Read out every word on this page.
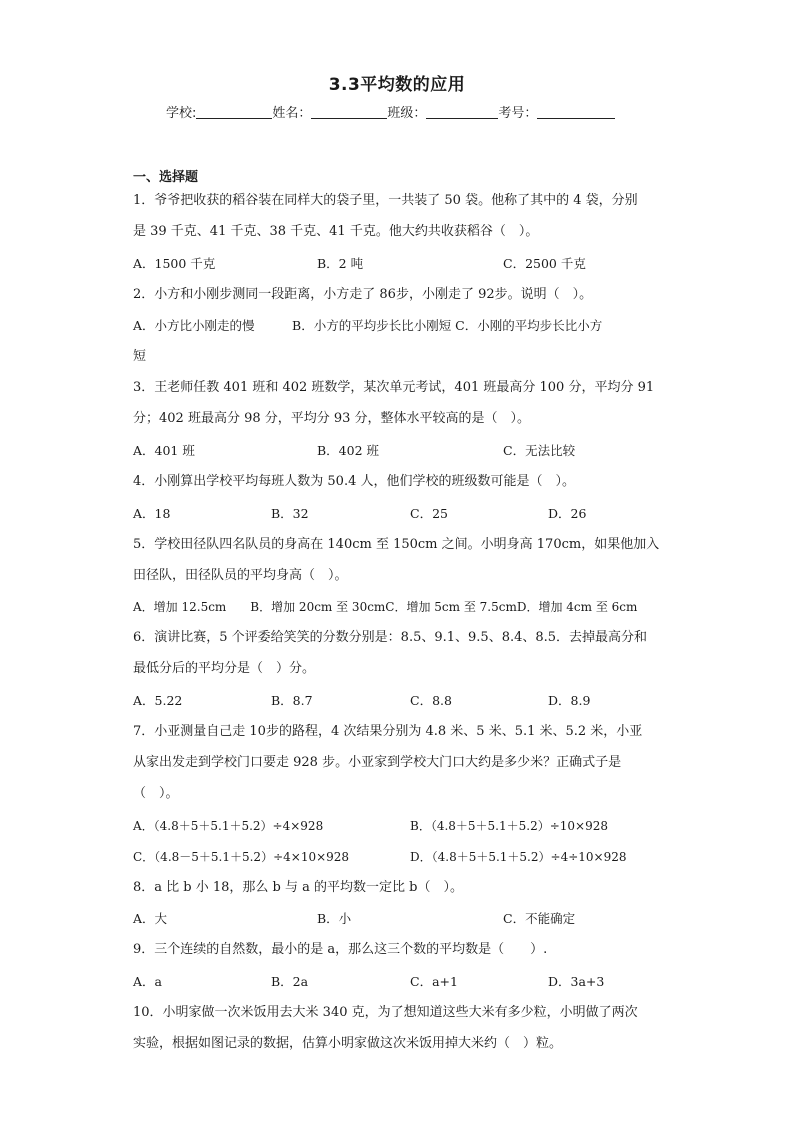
3.3平均数的应用
学校:	姓名：	班级：	考号：
一、选择题
1．爷爷把收获的稻谷装在同样大的袋子里，一共装了 50 袋。他称了其中的 4 袋，分别
是 39 千克、41 千克、38 千克、41 千克。他大约共收获稻谷（　）。
A．1500 千克	B．2 吨	C．2500 千克
2．小方和小刚步测同一段距离，小方走了 86步，小刚走了 92步。说明（　）。
A．小方比小刚走的慢　　　B．小方的平均步长比小刚短 C．小刚的平均步长比小方
短
3．王老师任教 401 班和 402 班数学，某次单元考试，401 班最高分 100 分，平均分 91
分；402 班最高分 98 分，平均分 93 分，整体水平较高的是（　）。
A．401 班	B．402 班	C．无法比较
4．小刚算出学校平均每班人数为 50.4 人，他们学校的班级数可能是（　）。
A．18	B．32	C．25	D．26
5．学校田径队四名队员的身高在 140cm 至 150cm 之间。小明身高 170cm，如果他加入
田径队，田径队员的平均身高（　）。
A．增加 12.5cm　　B．增加 20cm 至 30cmC．增加 5cm 至 7.5cmD．增加 4cm 至 6cm
6．演讲比赛，5 个评委给笑笑的分数分别是：8.5、9.1、9.5、8.4、8.5．去掉最高分和
最低分后的平均分是（　）分。
A．5.22	B．8.7	C．8.8	D．8.9
7．小亚测量自己走 10步的路程，4 次结果分别为 4.8 米、5 米、5.1 米、5.2 米，小亚
从家出发走到学校门口要走 928 步。小亚家到学校大门口大约是多少米？正确式子是
（　）。
A．（4.8＋5＋5.1＋5.2）÷4×928	B．（4.8＋5＋5.1＋5.2）÷10×928
C．（4.8－5＋5.1＋5.2）÷4×10×928	D．（4.8＋5＋5.1＋5.2）÷4÷10×928
8．a 比 b 小 18，那么 b 与 a 的平均数一定比 b（　）。
A．大	B．小	C．不能确定
9．三个连续的自然数，最小的是 a，那么这三个数的平均数是（　　）.
A．a	B．2a	C．a+1	D．3a+3
10．小明家做一次米饭用去大米 340 克，为了想知道这些大米有多少粒，小明做了两次
实验，根据如图记录的数据，估算小明家做这次米饭用掉大米约（　）粒。
